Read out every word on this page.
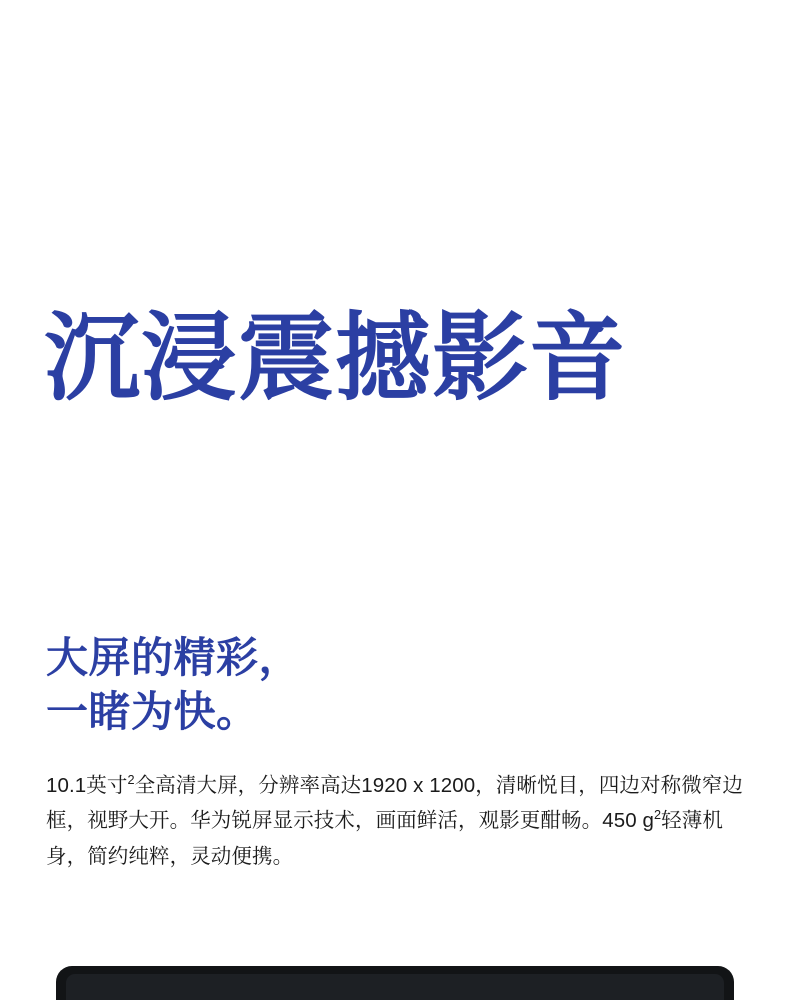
沉浸震撼影音
大屏的精彩，
一睹为快。

10.1英寸$^2$全高清大屏，分辨率高达1920 x 1200，清晰悦目，四边对称微窄边框，视野大开。华为锐屏显示技术，画面鲜活，观影更酣畅。450 $g^2$轻薄机身，简约纯粹，灵动便携。
